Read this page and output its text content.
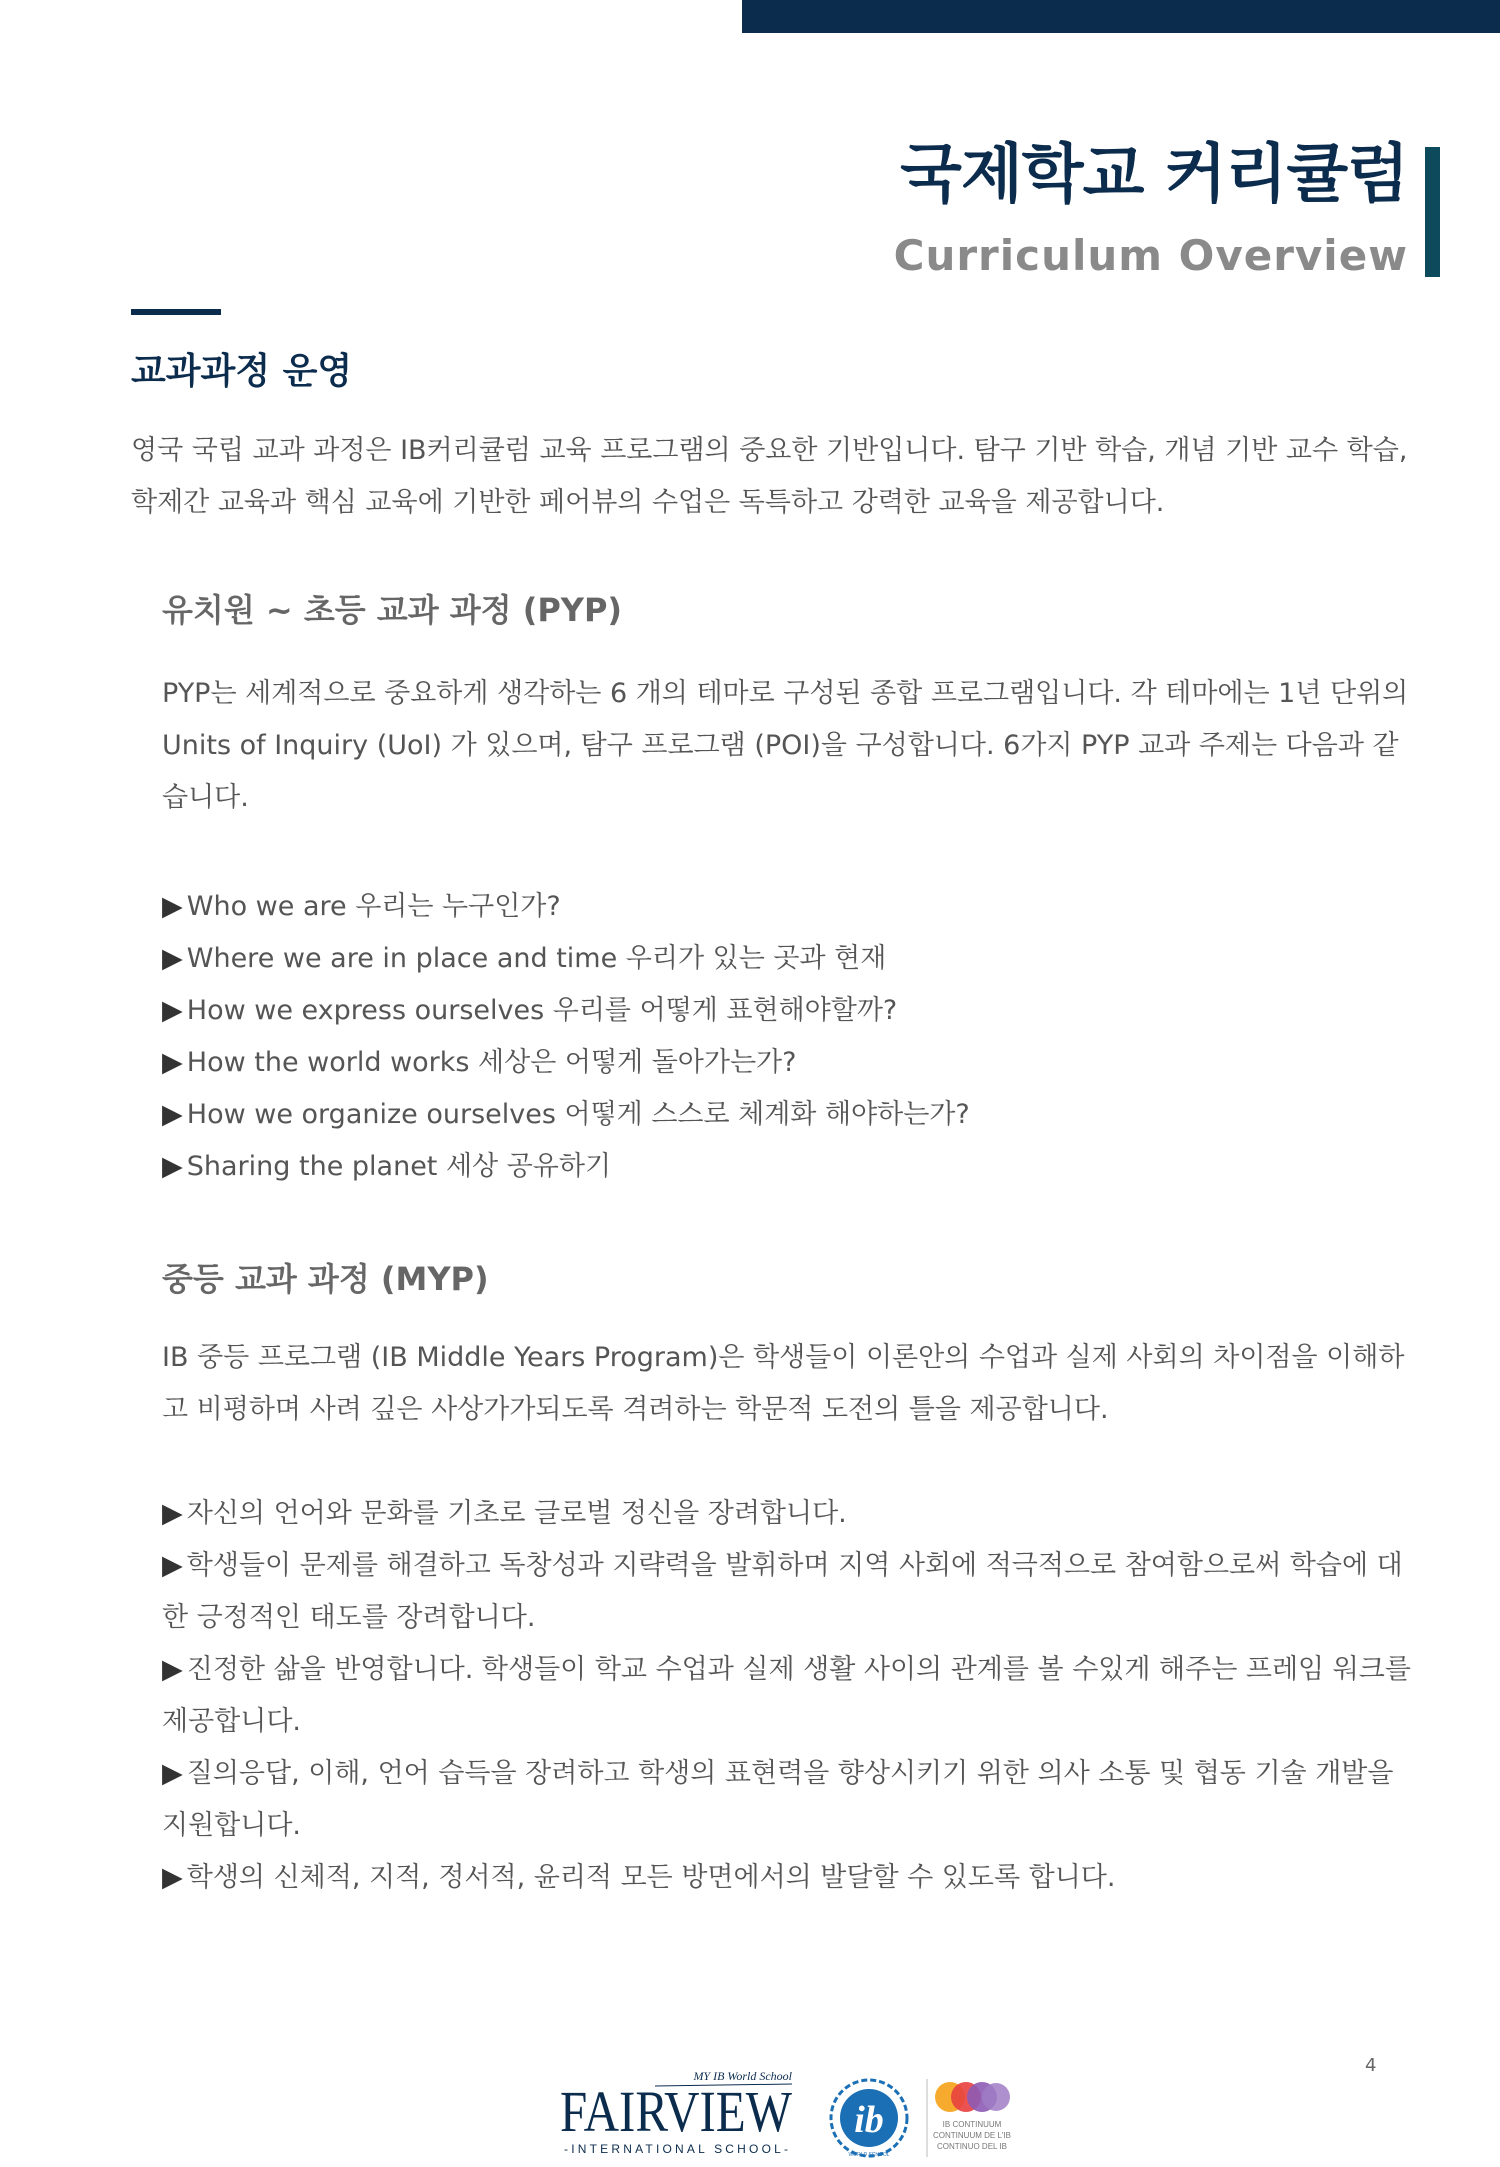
국제학교 커리큘럼
Curriculum Overview
교과과정 운영

영국 국립 교과 과정은 IB커리큘럼 교육 프로그램의 중요한 기반입니다. 탐구 기반 학습, 개념 기반 교수 학습, 학제간 교육과 핵심 교육에 기반한 페어뷰의 수업은 독특하고 강력한 교육을 제공합니다.

유치원 ~ 초등 교과 과정 (PYP)

PYP는 세계적으로 중요하게 생각하는 6 개의 테마로 구성된 종합 프로그램입니다. 각 테마에는 1년 단위의 Units of Inquiry (UoI) 가 있으며, 탐구 프로그램 (POI)을 구성합니다. 6가지 PYP 교과 주제는 다음과 같습니다.

▶ Who we are 우리는 누구인가?
▶ Where we are in place and time 우리가 있는 곳과 현재
▶ How we express ourselves 우리를 어떻게 표현해야할까?
▶ How the world works 세상은 어떻게 돌아가는가?
▶ How we organize ourselves 어떻게 스스로 체계화 해야하는가?
▶ Sharing the planet 세상 공유하기
중등 교과 과정 (MYP)

IB 중등 프로그램 (IB Middle Years Program)은 학생들이 이론안의 수업과 실제 사회의 차이점을 이해하고 비평하며 사려 깊은 사상가가되도록 격려하는 학문적 도전의 틀을 제공합니다.

▶ 자신의 언어와 문화를 기초로 글로벌 정신을 장려합니다.
▶ 학생들이 문제를 해결하고 독창성과 지략력을 발휘하며 지역 사회에 적극적으로 참여함으로써 학습에 대한 긍정적인 태도를 장려합니다.
▶ 진정한 삶을 반영합니다. 학생들이 학교 수업과 실제 생활 사이의 관계를 볼 수있게 해주는 프레임 워크를 제공합니다.
▶ 질의응답, 이해, 언어 습득을 장려하고 학생의 표현력을 향상시키기 위한 의사 소통 및 협동 기술 개발을 지원합니다.
▶ 학생의 신체적, 지적, 정서적, 윤리적 모든 방면에서의 발달할 수 있도록 합니다.
4
MY IB World School
FAIRVIEW
-INTERNATIONAL SCHOOL-
ib
WORLD SCHOOL
IB CONTINUUM
CONTINUUM DE L'IB
CONTINUO DEL IB
